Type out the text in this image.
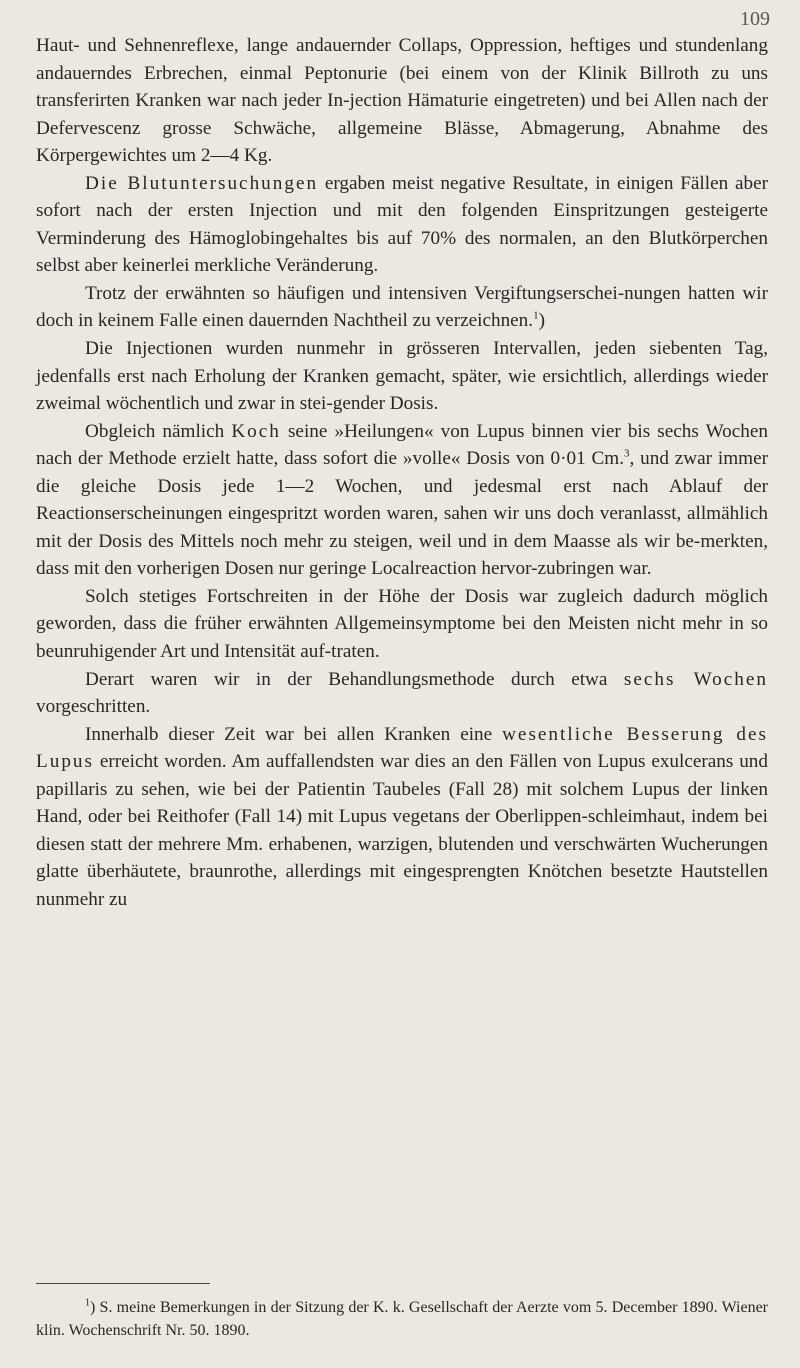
109

Haut- und Sehnenreflexe, lange andauernder Collaps, Oppression, heftiges und stundenlang andauerndes Erbrechen, einmal Peptonurie (bei einem von der Klinik Billroth zu uns transferirten Kranken war nach jeder In-jection Hämaturie eingetreten) und bei Allen nach der Defervescenz grosse Schwäche, allgemeine Blässe, Abmagerung, Abnahme des Körpergewichtes um 2—4 Kg.

Die Blutuntersuchungen ergaben meist negative Resultate, in einigen Fällen aber sofort nach der ersten Injection und mit den folgenden Einspritzungen gesteigerte Verminderung des Hämoglobingehaltes bis auf 70% des normalen, an den Blutkörperchen selbst aber keinerlei merkliche Veränderung.

Trotz der erwähnten so häufigen und intensiven Vergiftungserschei-nungen hatten wir doch in keinem Falle einen dauernden Nachtheil zu verzeichnen.$^1$)

Die Injectionen wurden nunmehr in grösseren Intervallen, jeden siebenten Tag, jedenfalls erst nach Erholung der Kranken gemacht, später, wie ersichtlich, allerdings wieder zweimal wöchentlich und zwar in stei-gender Dosis.

Obgleich nämlich Koch seine »Heilungen« von Lupus binnen vier bis sechs Wochen nach der Methode erzielt hatte, dass sofort die »volle« Dosis von 0·01 Cm.$^3$, und zwar immer die gleiche Dosis jede 1—2 Wochen, und jedesmal erst nach Ablauf der Reactionserscheinungen eingespritzt worden waren, sahen wir uns doch veranlasst, allmählich mit der Dosis des Mittels noch mehr zu steigen, weil und in dem Maasse als wir be-merkten, dass mit den vorherigen Dosen nur geringe Localreaction hervor-zubringen war.

Solch stetiges Fortschreiten in der Höhe der Dosis war zugleich dadurch möglich geworden, dass die früher erwähnten Allgemeinsymptome bei den Meisten nicht mehr in so beunruhigender Art und Intensität auf-traten.

Derart waren wir in der Behandlungsmethode durch etwa sechs Wochen vorgeschritten.

Innerhalb dieser Zeit war bei allen Kranken eine wesentliche Besserung des Lupus erreicht worden. Am auffallendsten war dies an den Fällen von Lupus exulcerans und papillaris zu sehen, wie bei der Patientin Taubeles (Fall 28) mit solchem Lupus der linken Hand, oder bei Reithofer (Fall 14) mit Lupus vegetans der Oberlippen-schleimhaut, indem bei diesen statt der mehrere Mm. erhabenen, warzigen, blutenden und verschwärten Wucherungen glatte überhäutete, braunrothe, allerdings mit eingesprengten Knötchen besetzte Hautstellen nunmehr zu

$^1$) S. meine Bemerkungen in der Sitzung der K. k. Gesellschaft der Aerzte vom 5. December 1890. Wiener klin. Wochenschrift Nr. 50. 1890.
